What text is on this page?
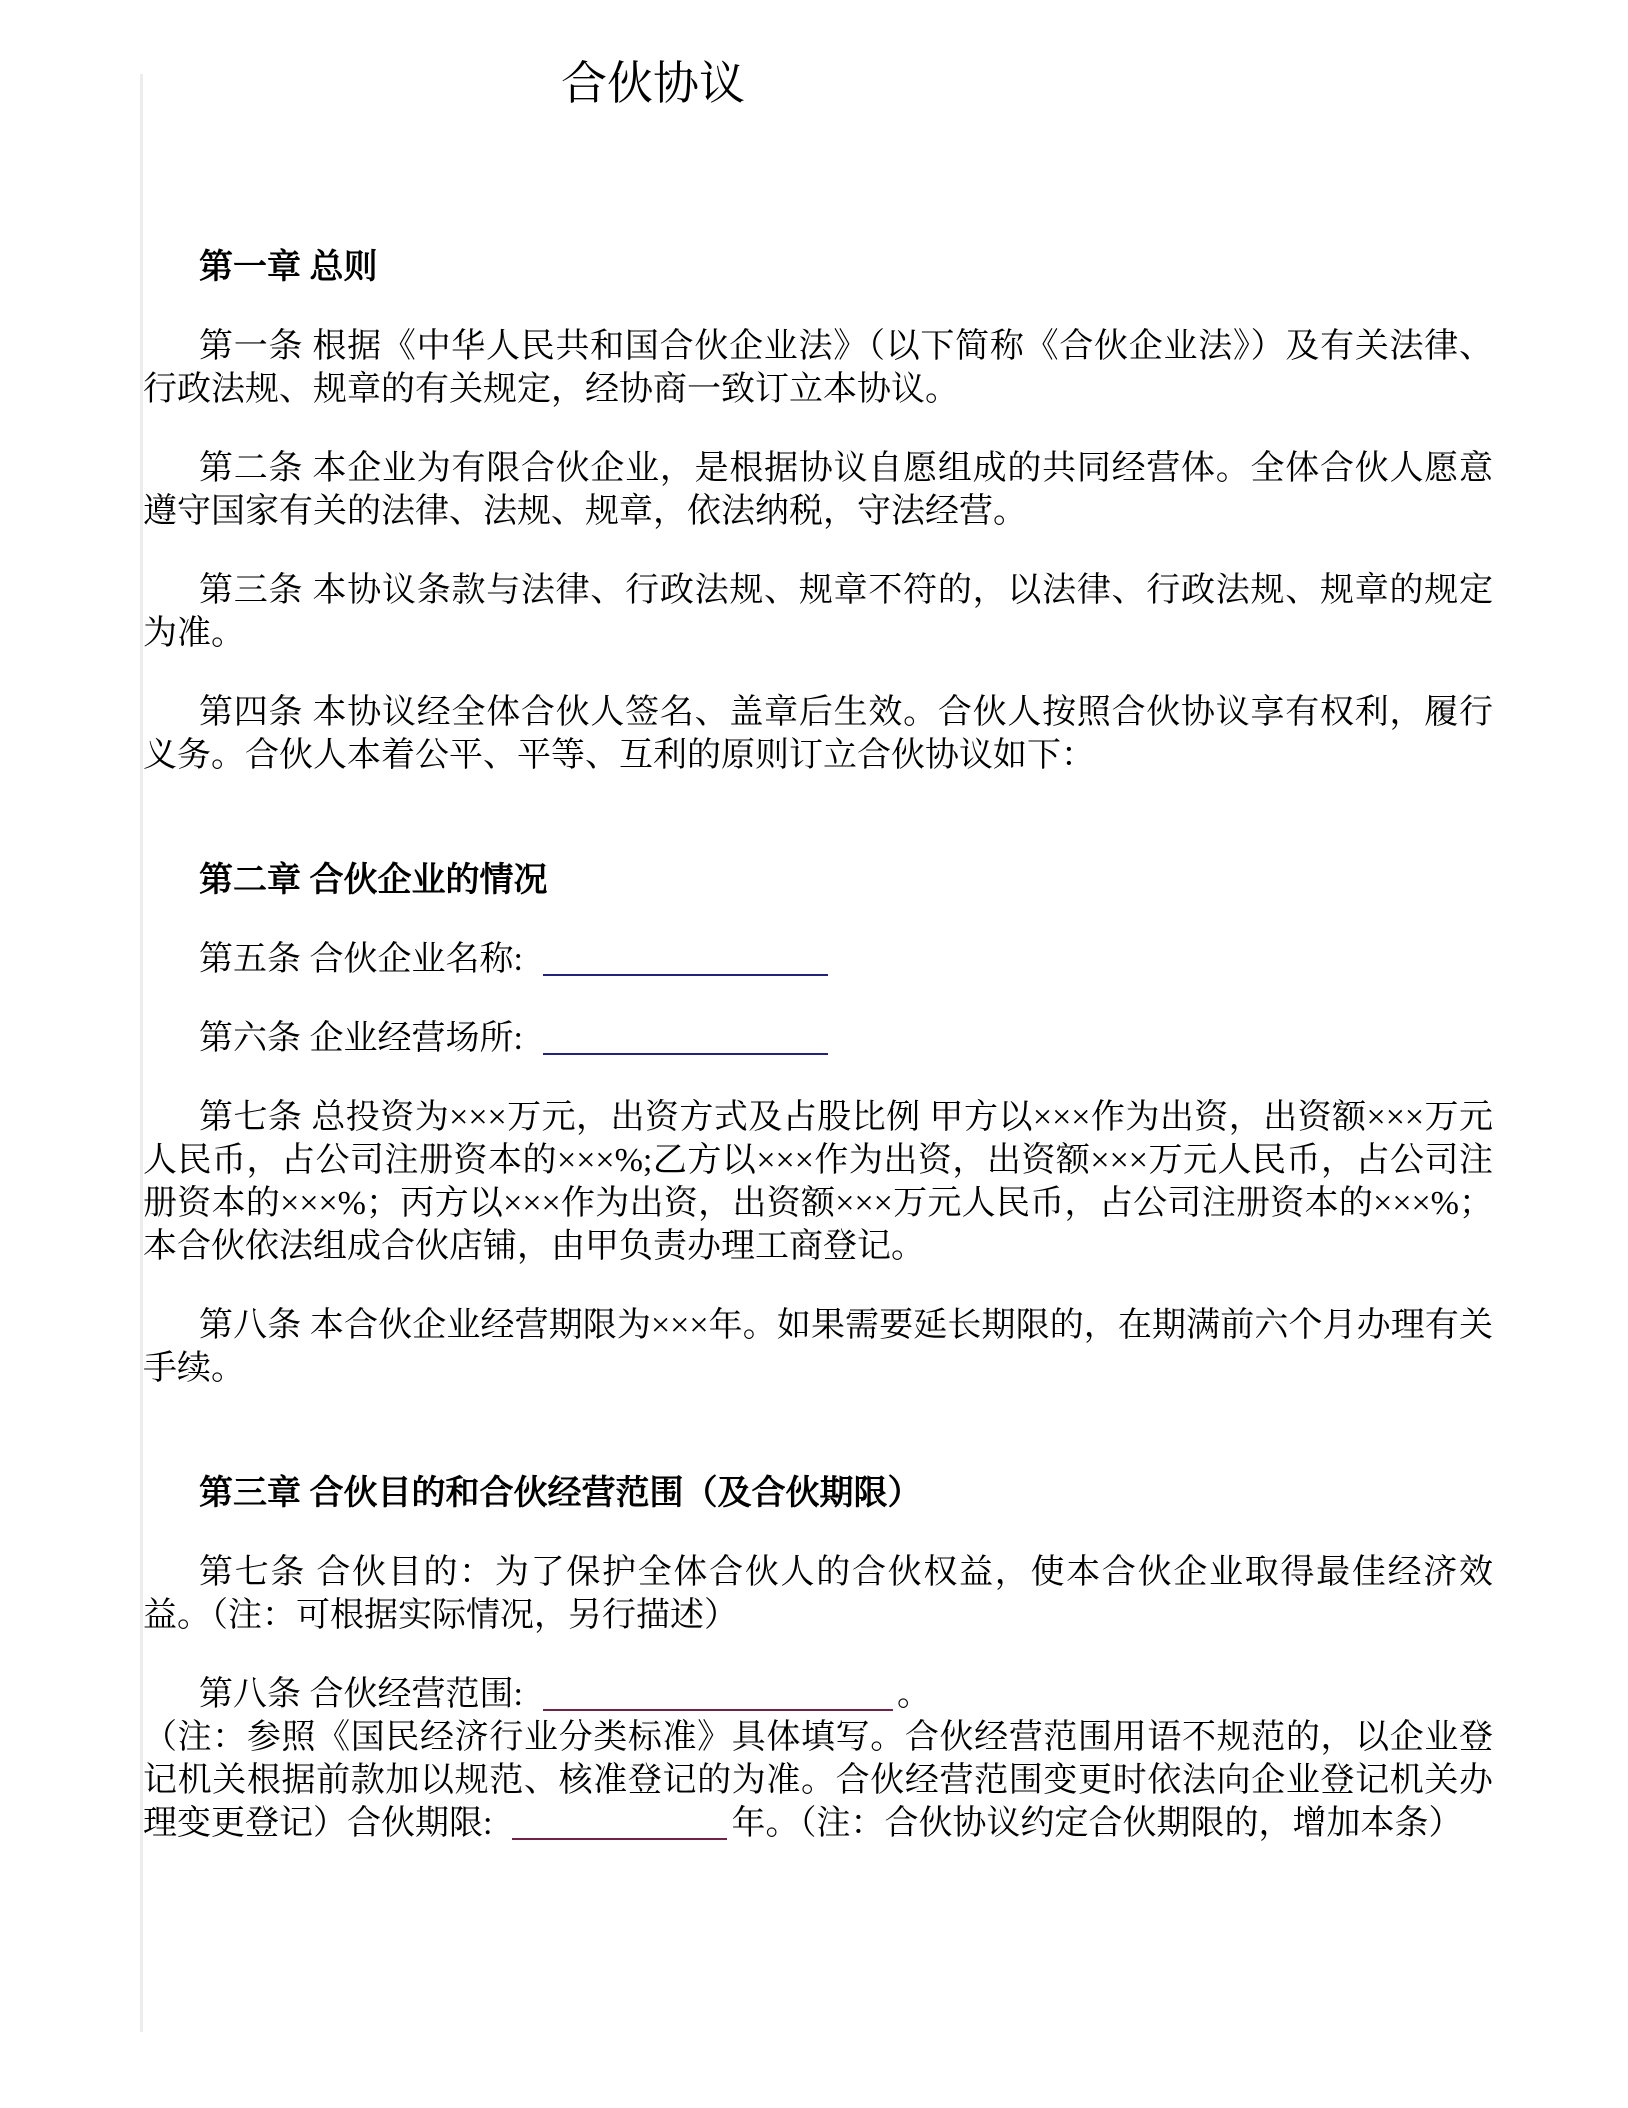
合伙协议
第一章 总则

第一条 根据《中华人民共和国合伙企业法》（以下简称《合伙企业法》）及有关法律、行政法规、规章的有关规定，经协商一致订立本协议。

第二条 本企业为有限合伙企业，是根据协议自愿组成的共同经营体。全体合伙人愿意遵守国家有关的法律、法规、规章，依法纳税，守法经营。

第三条 本协议条款与法律、行政法规、规章不符的，以法律、行政法规、规章的规定为准。

第四条 本协议经全体合伙人签名、盖章后生效。合伙人按照合伙协议享有权利，履行义务。合伙人本着公平、平等、互利的原则订立合伙协议如下：

第二章 合伙企业的情况

第五条 合伙企业名称:

第六条 企业经营场所:

第七条 总投资为×××万元，出资方式及占股比例 甲方以×××作为出资，出资额×××万元人民币，占公司注册资本的×××%;乙方以×××作为出资，出资额×××万元人民币，占公司注册资本的×××%；丙方以×××作为出资，出资额×××万元人民币，占公司注册资本的×××%；本合伙依法组成合伙店铺，由甲负责办理工商登记。

第八条 本合伙企业经营期限为×××年。如果需要延长期限的，在期满前六个月办理有关手续。

第三章 合伙目的和合伙经营范围（及合伙期限）

第七条 合伙目的：为了保护全体合伙人的合伙权益，使本合伙企业取得最佳经济效益。（注：可根据实际情况，另行描述）

第八条 合伙经营范围:	。
（注：参照《国民经济行业分类标准》具体填写。合伙经营范围用语不规范的，以企业登记机关根据前款加以规范、核准登记的为准。合伙经营范围变更时依法向企业登记机关办理变更登记）合伙期限:	年。（注：合伙协议约定合伙期限的，增加本条）
